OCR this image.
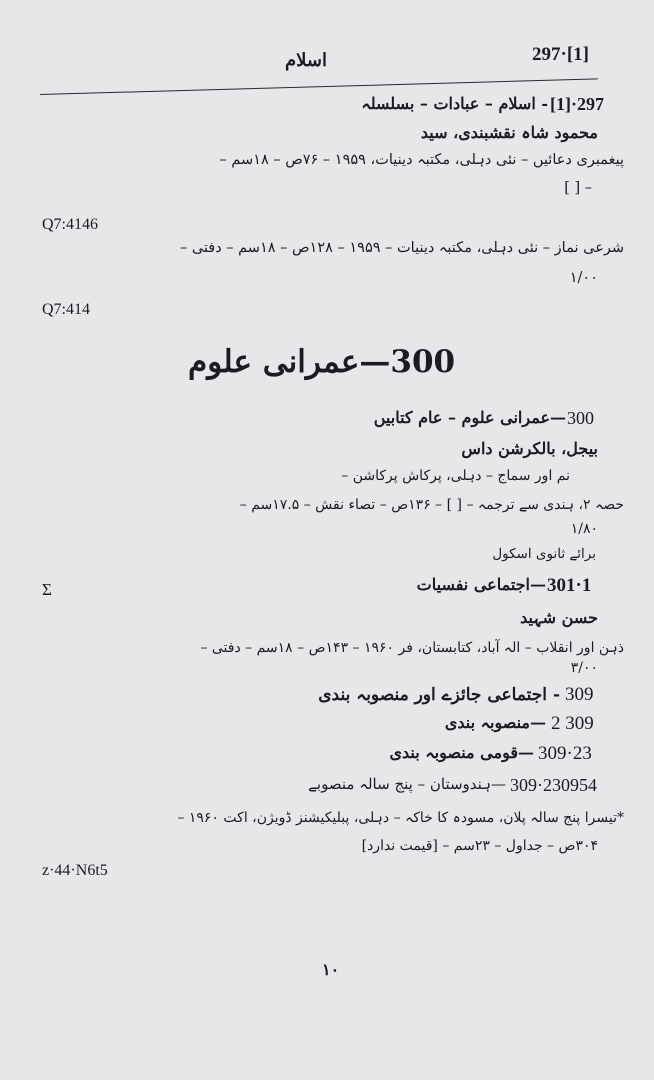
297·[1]
اسلام
[1]·297
- اسلام – عبادات – بسلسلہ
محمود شاہ نقشبندی، سید
پیغمبری دعائیں – نئی دہلی، مکتبہ دینیات، ۱۹۵۹ – ۷۶ص – ۱۸سم –
[ ] –
Q7:4146
شرعی نماز – نئی دہلی، مکتبہ دینیات – ۱۹۵۹ – ۱۲۸ص – ۱۸سم – دفتی –
۱/۰۰
Q7:414
300—عمرانی علوم
300
—عمرانی علوم – عام کتابیں
بیجل، بالکرشن داس
نم اور سماج – دہلی، پرکاش پرکاشن –
حصہ ۲، ہندی سے ترجمہ – [ ] – ۱۳۶ص – تصاء نقش – ۱۷.۵سم –
۱/۸۰
برائے ثانوی اسکول
Σ	301·1
—اجتماعی نفسیات
حسن شہید
ذہن اور انقلاب – الہ آباد، کتابستان، فر ۱۹۶۰ – ۱۴۳ص – ۱۸سم – دفتی –
۳/۰۰
309
- اجتماعی جائزے اور منصوبہ بندی
2 309
—منصوبہ بندی
309·23
—قومی منصوبہ بندی
309·230954
—ہندوستان – پنج سالہ منصوبے
*تیسرا پنج سالہ پلان، مسودہ کا خاکہ – دہلی، پبلیکیشنز ڈویژن، اکت ۱۹۶۰ –
۳۰۴ص – جداول – ۲۳سم – [قیمت ندارد]
z·44·N6t5
۱۰
